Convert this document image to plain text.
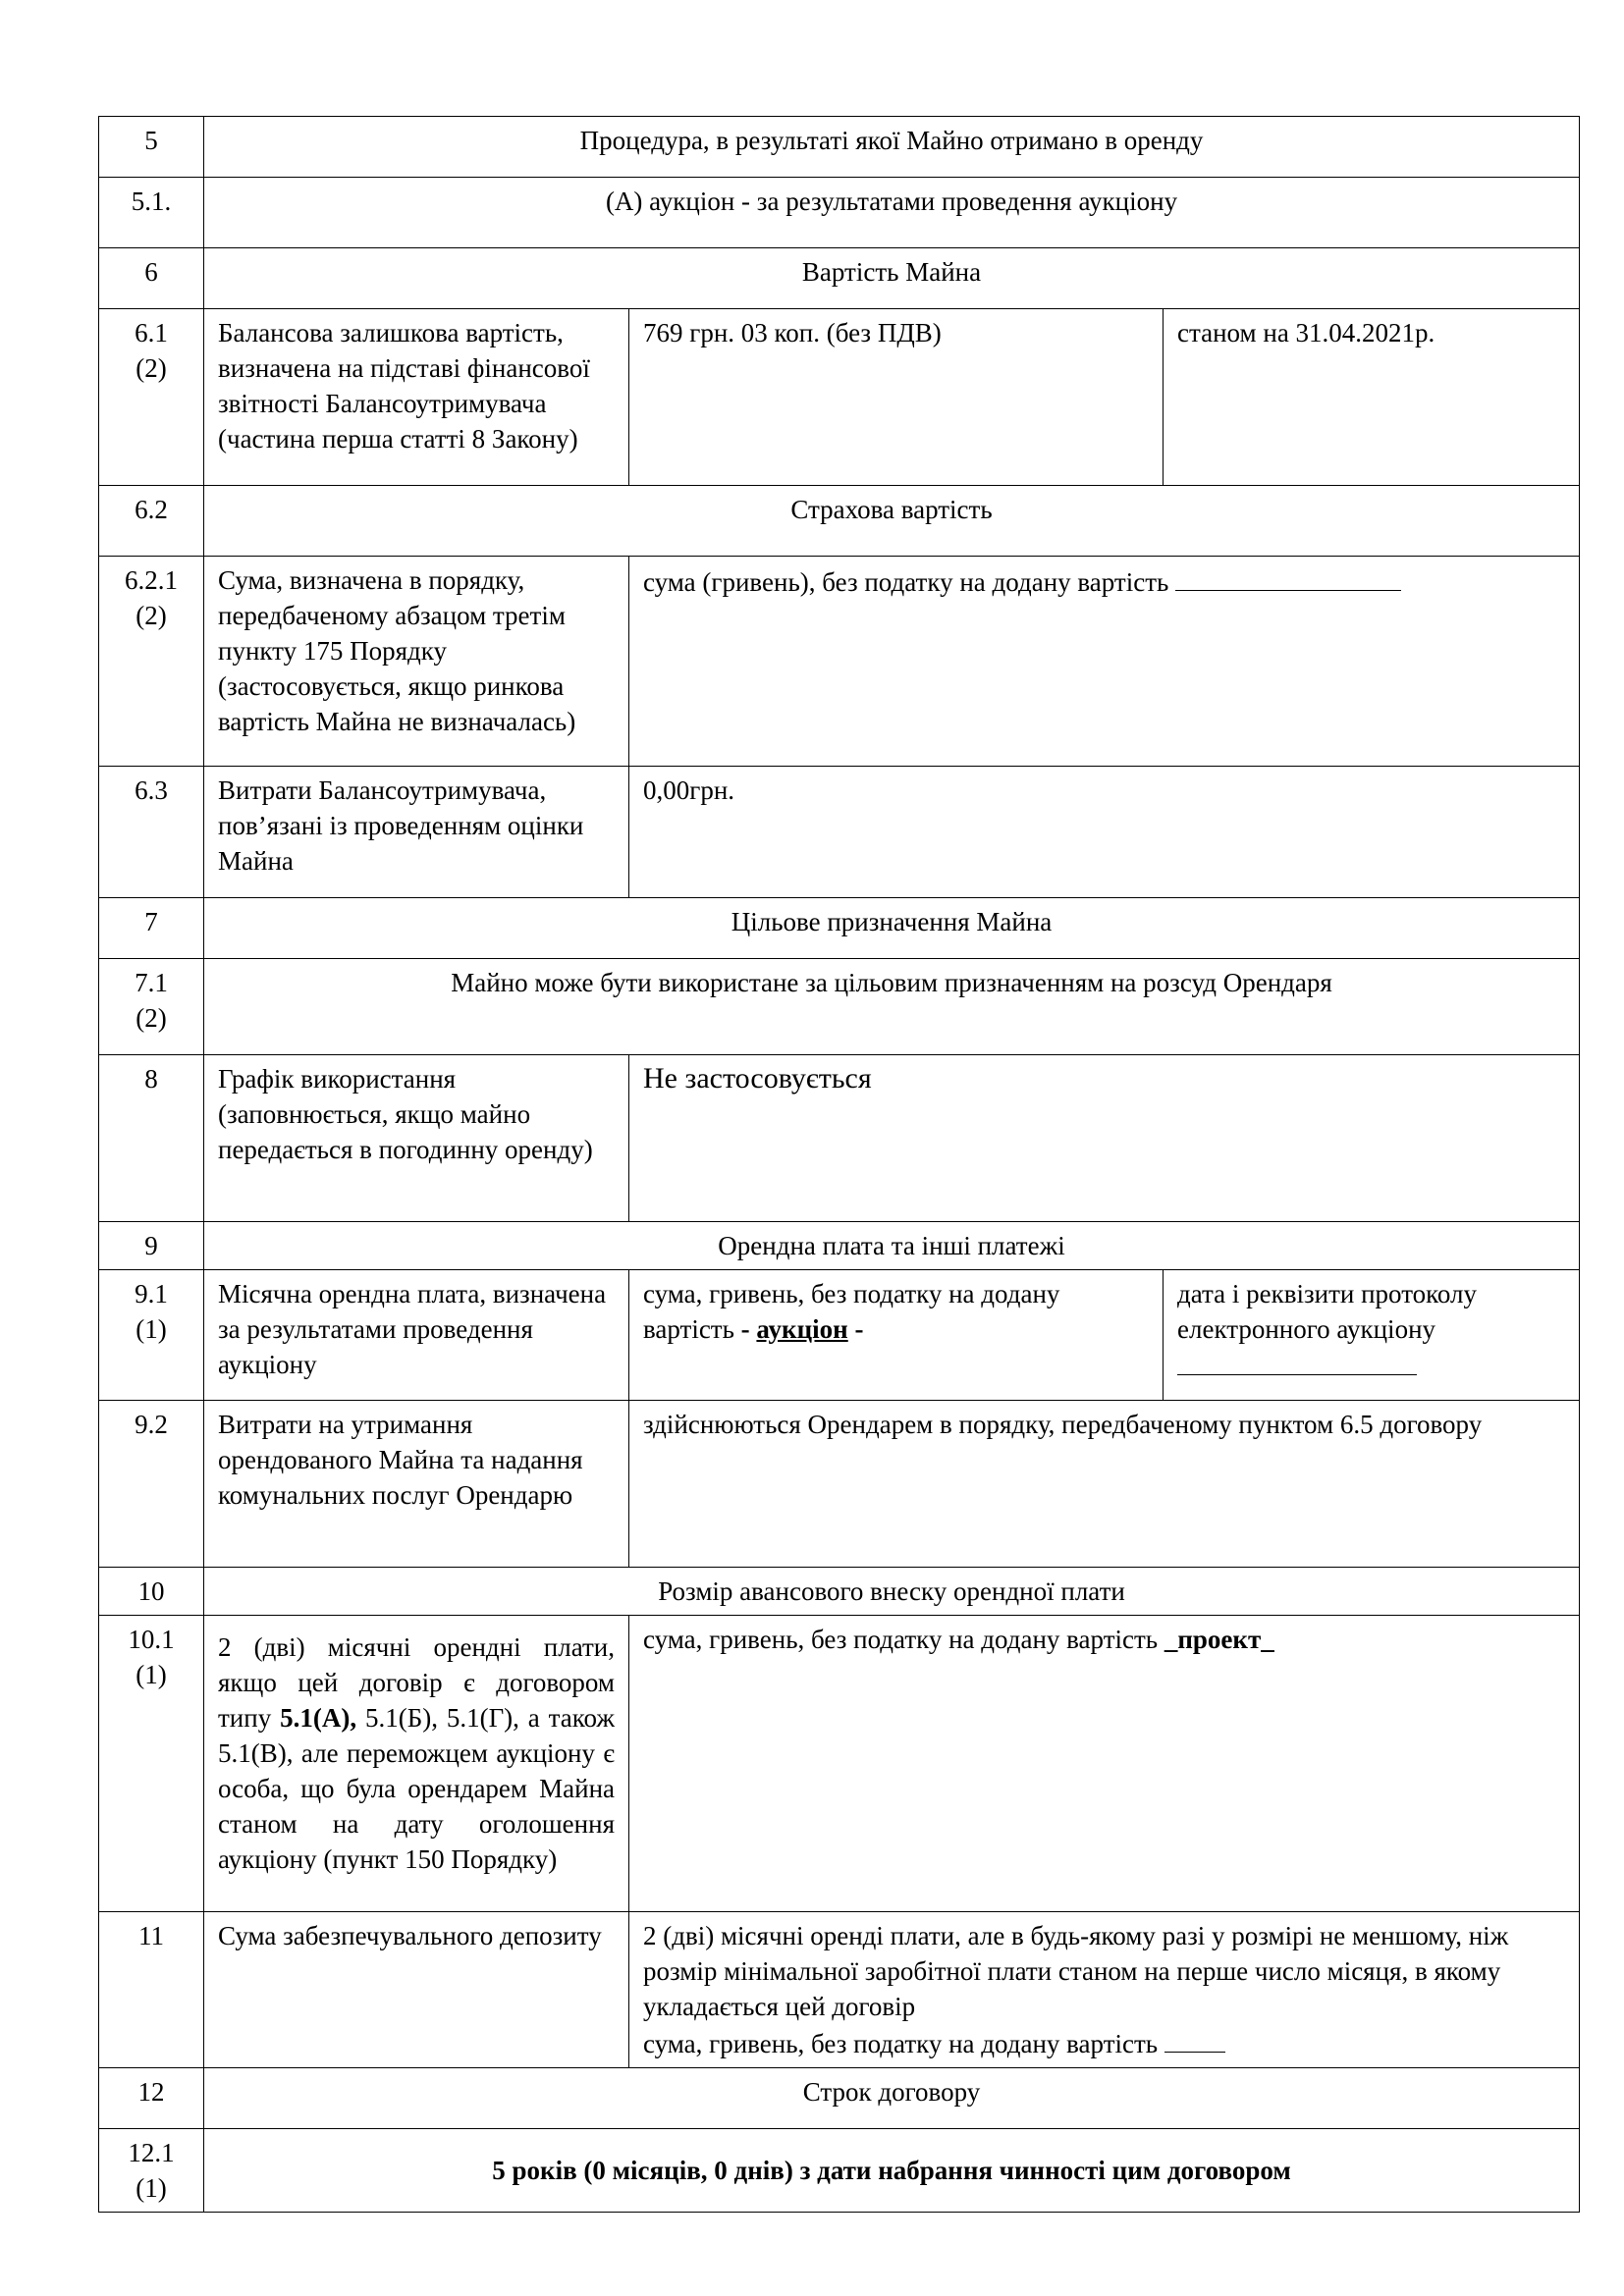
5	Процедура, в результаті якої Майно отримано в оренду		
5.1.	(А) аукціон - за результатами проведення аукціону		
6	Вартість Майна		
6.1
(2)	Балансова залишкова вартість, визначена на підставі фінансової звітності Балансоутримувача (частина перша статті 8 Закону)	769 грн. 03 коп. (без ПДВ)	станом на 31.04.2021р.
6.2	Страхова вартість		
6.2.1
(2)	Сума, визначена в порядку, передбаченому абзацом третім пункту 175 Порядку (застосовується, якщо ринкова вартість Майна не визначалась)	сума (гривень), без податку на додану вартість	
6.3	Витрати Балансоутримувача, пов’язані із проведенням оцінки Майна	0,00грн.	
7	Цільове призначення Майна		
7.1
(2)	Майно може бути використане за цільовим призначенням на розсуд Орендаря		
8	Графік використання (заповнюється, якщо майно передається в погодинну оренду)	Не застосовується	
9	Орендна плата та інші платежі		
9.1
(1)	Місячна орендна плата, визначена за результатами проведення аукціону	сума, гривень, без податку на додану вартість - аукціон -	дата і реквізити протоколу електронного аукціону

9.2	Витрати на утримання орендованого Майна та надання комунальних послуг Орендарю	здійснюються Орендарем в порядку, передбаченому пунктом 6.5 договору	
10	Розмір авансового внеску орендної плати		
10.1
(1)	2 (дві) місячні орендні плати, якщо цей договір є договором типу 5.1(А), 5.1(Б), 5.1(Г), а також 5.1(В), але переможцем аукціону є особа, що була орендарем Майна станом на дату оголошення аукціону (пункт 150 Порядку)	сума, гривень, без податку на додану вартість _проект_	
11	Сума забезпечувального депозиту	2 (дві) місячні оренді плати, але в будь-якому разі у розмірі не меншому, ніж розмір мінімальної заробітної плати станом на перше число місяця, в якому укладається цей договір
сума, гривень, без податку на додану вартість	
12	Строк договору		
12.1
(1)	5 років (0 місяців, 0 днів) з дати набрання чинності цим договором		
